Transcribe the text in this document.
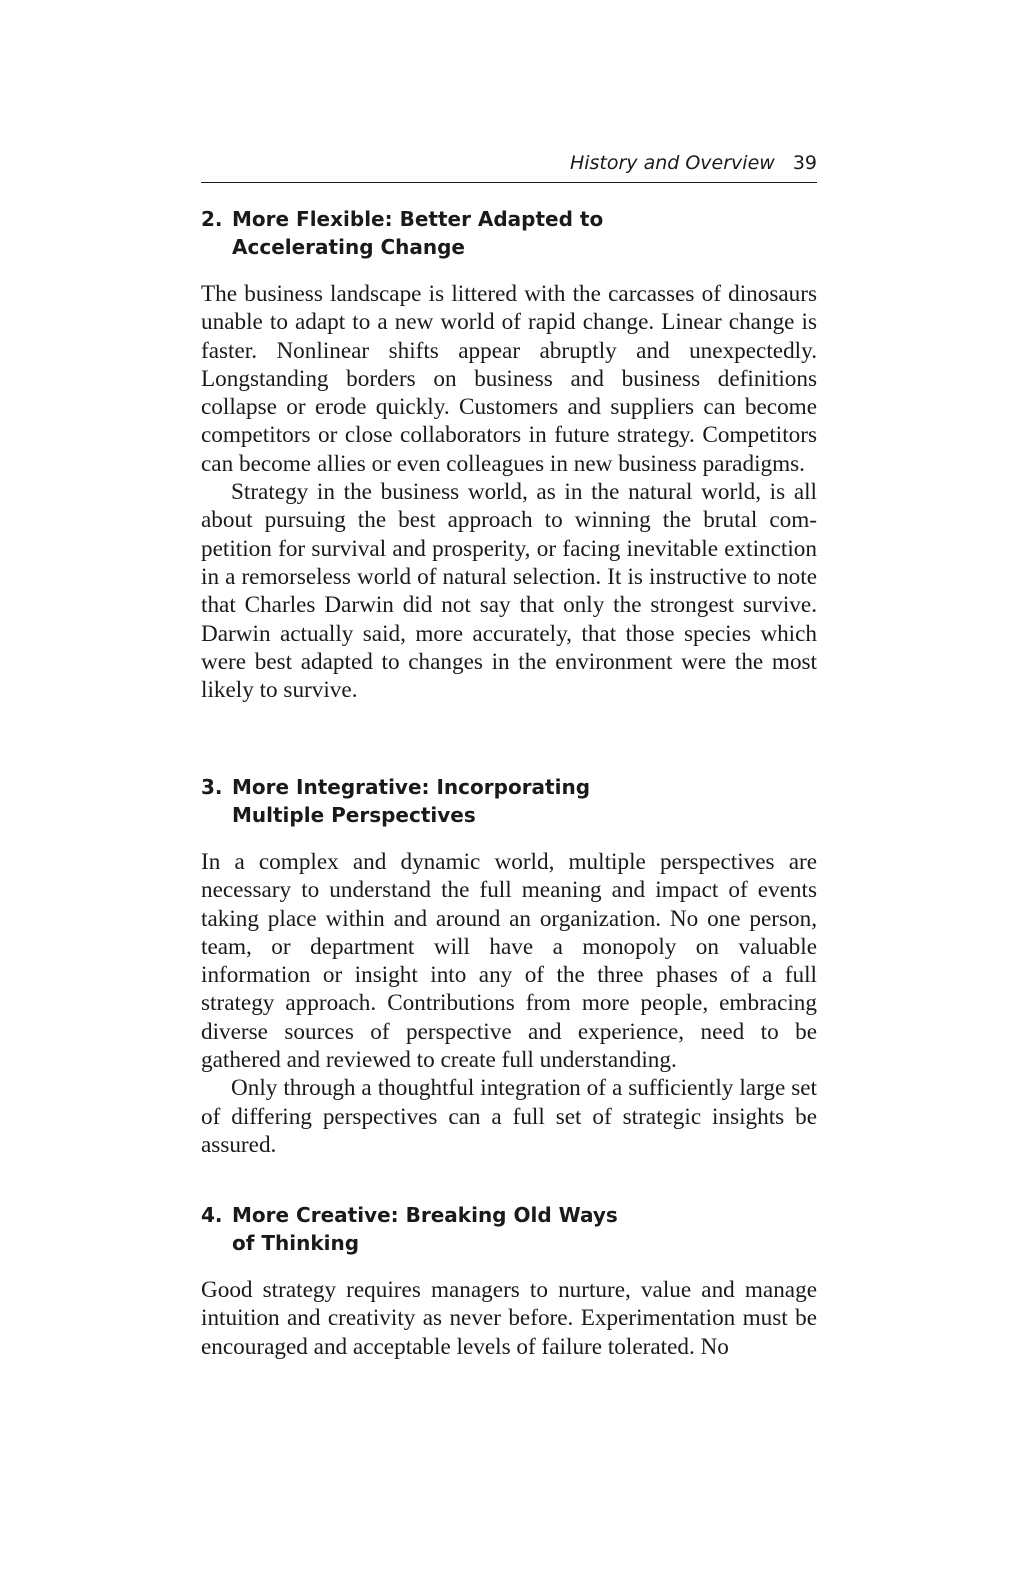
History and Overview 39
2. More Flexible: Better Adapted to Accelerating Change

The business landscape is littered with the carcasses of dinosaurs unable to adapt to a new world of rapid change. Linear change is faster. Nonlinear shifts appear abruptly and unexpectedly. Longstanding borders on business and business definitions collapse or erode quickly. Customers and suppliers can become competitors or close collaborators in future strategy. Competitors can become allies or even colleagues in new business paradigms.

Strategy in the business world, as in the natural world, is all about pursuing the best approach to winning the brutal competition for survival and prosperity, or facing inevitable extinction in a remorseless world of natural selection. It is instructive to note that Charles Darwin did not say that only the strongest survive. Darwin actually said, more accurately, that those species which were best adapted to changes in the environment were the most likely to survive.

3. More Integrative: Incorporating Multiple Perspectives

In a complex and dynamic world, multiple perspectives are necessary to understand the full meaning and impact of events taking place within and around an organization. No one person, team, or department will have a monopoly on valuable information or insight into any of the three phases of a full strategy approach. Contributions from more people, embracing diverse sources of perspective and experience, need to be gathered and reviewed to create full understanding.

Only through a thoughtful integration of a sufficiently large set of differing perspectives can a full set of strategic insights be assured.

4. More Creative: Breaking Old Ways of Thinking

Good strategy requires managers to nurture, value and manage intuition and creativity as never before. Experimentation must be encouraged and acceptable levels of failure tolerated. No
